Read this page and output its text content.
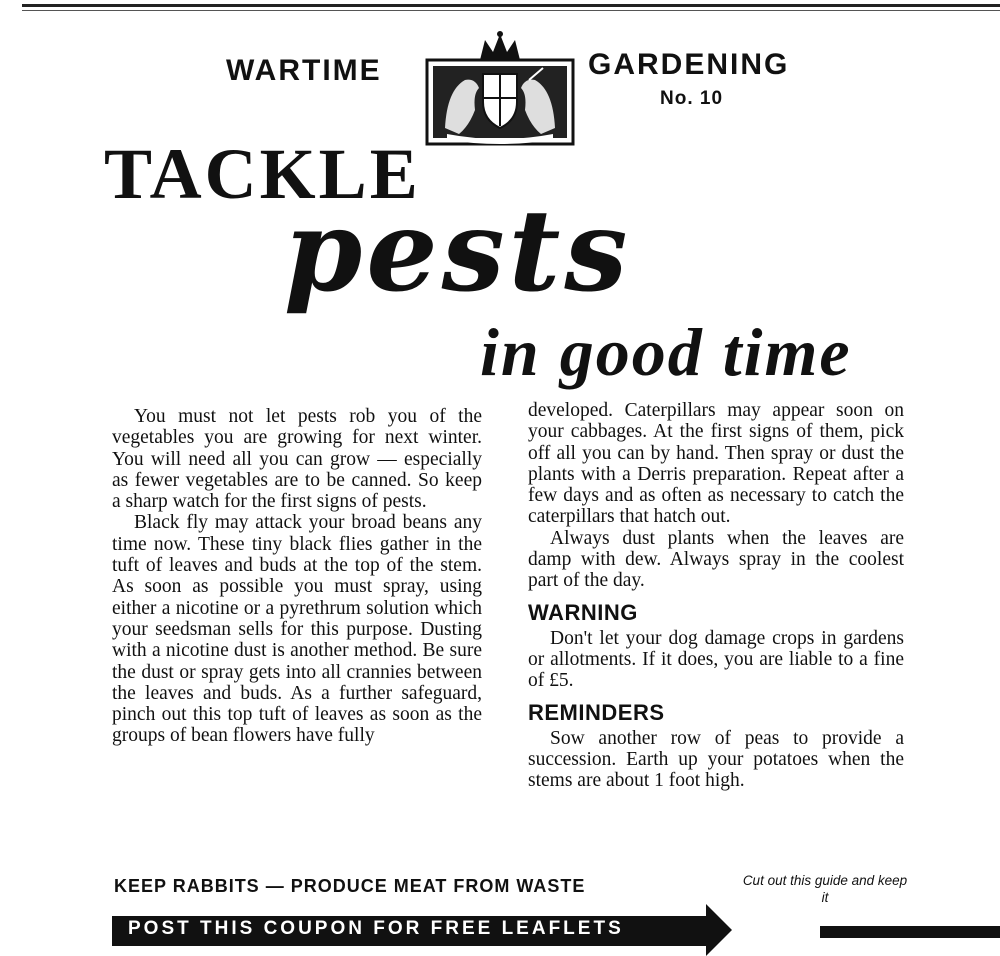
WARTIME	GARDENING
No. 10
TACKLE
pests
in good time

You must not let pests rob you of the vegetables you are growing for next winter. You will need all you can grow — especially as fewer vegetables are to be canned. So keep a sharp watch for the first signs of pests.

Black fly may attack your broad beans any time now. These tiny black flies gather in the tuft of leaves and buds at the top of the stem. As soon as possible you must spray, using either a nicotine or a pyrethrum solution which your seedsman sells for this purpose. Dusting with a nicotine dust is another method. Be sure the dust or spray gets into all crannies between the leaves and buds. As a further safeguard, pinch out this top tuft of leaves as soon as the groups of bean flowers have fully

developed. Caterpillars may appear soon on your cabbages. At the first signs of them, pick off all you can by hand. Then spray or dust the plants with a Derris preparation. Repeat after a few days and as often as necessary to catch the caterpillars that hatch out.

Always dust plants when the leaves are damp with dew. Always spray in the coolest part of the day.

WARNING

Don't let your dog damage crops in gardens or allotments. If it does, you are liable to a fine of £5.

REMINDERS

Sow another row of peas to provide a succession. Earth up your potatoes when the stems are about 1 foot high.

KEEP RABBITS — PRODUCE MEAT FROM WASTE	Cut out this guide and keep it
POST THIS COUPON FOR FREE LEAFLETS
